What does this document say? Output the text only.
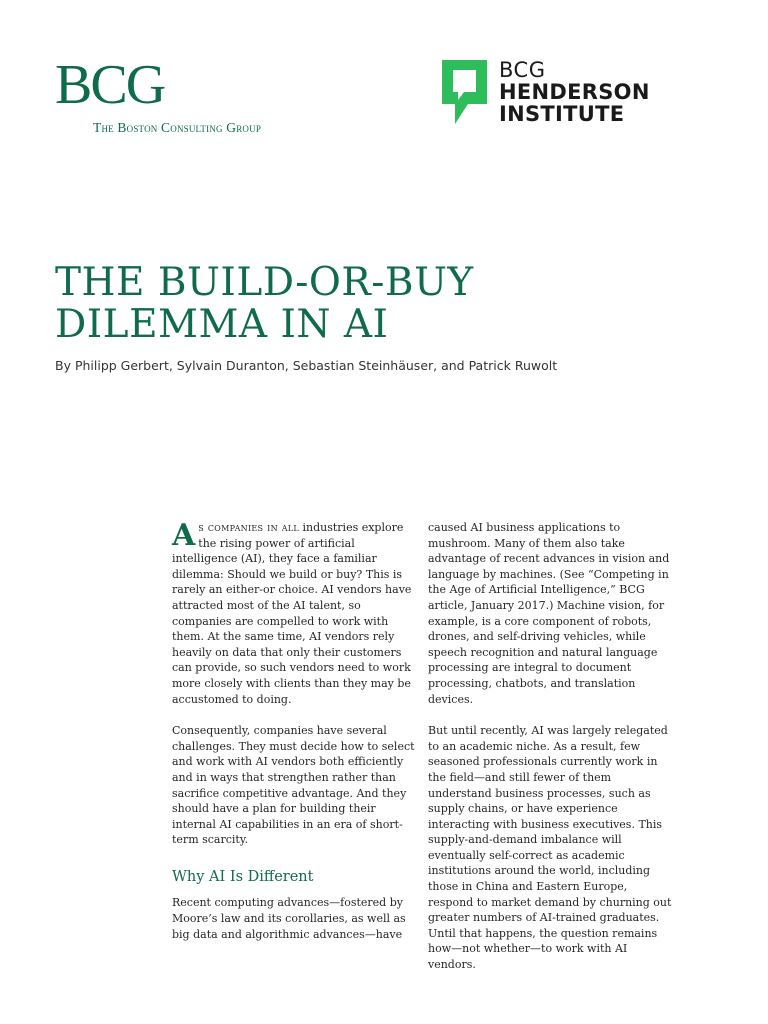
BCG
The Boston Consulting Group
BCG
HENDERSON
INSTITUTE
THE BUILD-OR-BUY
DILEMMA IN AI
By Philipp Gerbert, Sylvain Duranton, Sebastian Steinhäuser, and Patrick Ruwolt

As companies in all industries explore the rising power of artificial intelligence (AI), they face a familiar dilemma: Should we build or buy? This is rarely an either-or choice. AI vendors have attracted most of the AI talent, so companies are compelled to work with them. At the same time, AI vendors rely heavily on data that only their customers can provide, so such vendors need to work more closely with clients than they may be accustomed to doing.

Consequently, companies have several challenges. They must decide how to select and work with AI vendors both efficiently and in ways that strengthen rather than sacrifice competitive advantage. And they should have a plan for building their internal AI capabilities in an era of short-term scarcity.

Why AI Is Different

Recent computing advances—fostered by Moore’s law and its corollaries, as well as big data and algorithmic advances—have

caused AI business applications to mushroom. Many of them also take advantage of recent advances in vision and language by machines. (See “Competing in the Age of Artificial Intelligence,” BCG article, January 2017.) Machine vision, for example, is a core component of robots, drones, and self-driving vehicles, while speech recognition and natural language processing are integral to document processing, chatbots, and translation devices.

But until recently, AI was largely relegated to an academic niche. As a result, few seasoned professionals currently work in the field—and still fewer of them understand business processes, such as supply chains, or have experience interacting with business executives. This supply-and-demand imbalance will eventually self-correct as academic institutions around the world, including those in China and Eastern Europe, respond to market demand by churning out greater numbers of AI-trained graduates. Until that happens, the question remains how—not whether—to work with AI vendors.
